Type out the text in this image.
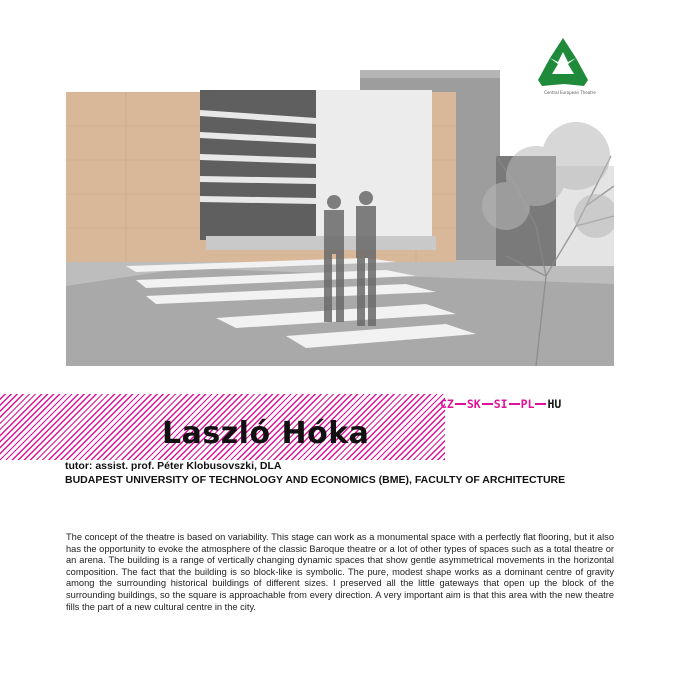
Central European Theatre
CZ SK SI PL HU
Laszló Hóka
tutor: assist. prof. Péter Klobusovszki, DLA
BUDAPEST UNIVERSITY OF TECHNOLOGY AND ECONOMICS (BME), FACULTY OF ARCHITECTURE
The concept of the theatre is based on variability. This stage can work as a monumental space with a perfectly flat flooring, but it also has the opportunity to evoke the atmosphere of the classic Baroque theatre or a lot of other types of spaces such as a total theatre or an arena. The building is a range of vertically changing dynamic spaces that show gentle asymmetrical movements in the horizontal composition. The fact that the building is so block-like is symbolic. The pure, modest shape works as a dominant centre of gravity among the surrounding historical buildings of different sizes. I preserved all the little gateways that open up the block of the surrounding buildings, so the square is approachable from every direction. A very important aim is that this area with the new theatre fills the part of a new cultural centre in the city.
